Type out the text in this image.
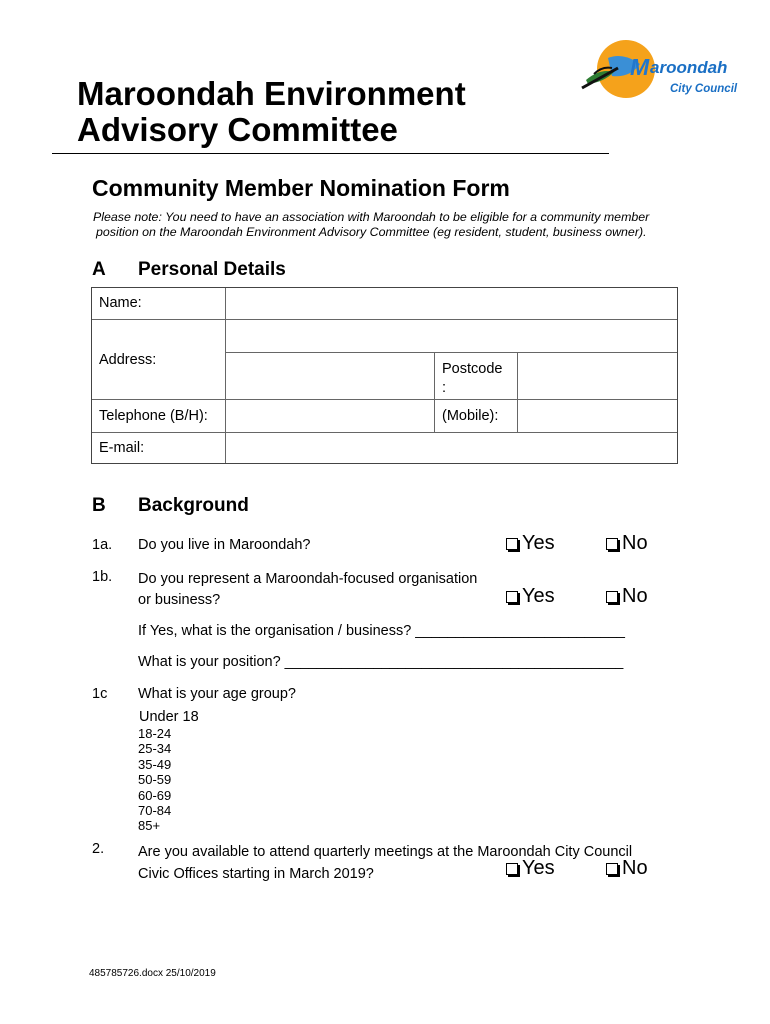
M aroondah
City Council
Maroondah Environment
Advisory Committee
Community Member Nomination Form
Please note: You need to have an association with Maroondah to be eligible for a community member
position on the Maroondah Environment Advisory Committee (eg resident, student, business owner).
A Personal Details
Name:
Address:
Postcode
:
Telephone (B/H):	(Mobile):
E-mail:
B Background
1a. Do you live in Maroondah?	Yes	No
1b. Do you represent a Maroondah-focused organisation
or business?	Yes	No
If Yes, what is the organisation / business? __________________________
What is your position? __________________________________________
1c What is your age group?
Under 18
18-24
25-34
35-49
50-59
60-69
70-84
85+
2. Are you available to attend quarterly meetings at the Maroondah City Council
Civic Offices starting in March 2019?	Yes	No
485785726.docx 25/10/2019
